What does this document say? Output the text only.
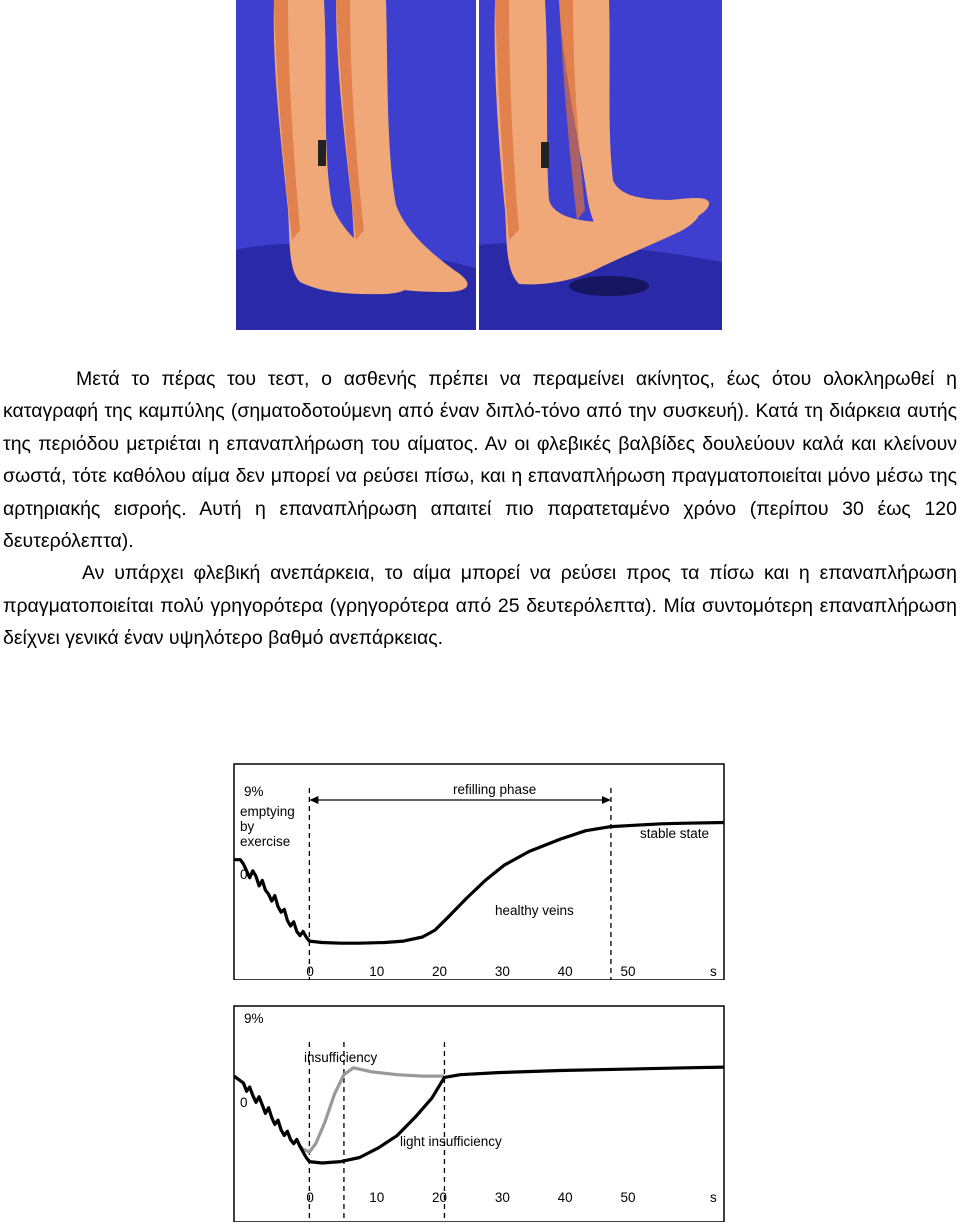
Μετά το πέρας του τεστ, ο ασθενής πρέπει να περαμείνει ακίνητος, έως ότου ολοκληρωθεί η καταγραφή της καμπύλης (σηματοδοτούμενη από έναν διπλό-τόνο από την συσκευή). Κατά τη διάρκεια αυτής της περιόδου μετριέται η επαναπλήρωση του αίματος. Αν οι φλεβικές βαλβίδες δουλεύουν καλά και κλείνουν σωστά, τότε καθόλου αίμα δεν μπορεί να ρεύσει πίσω, και η επαναπλήρωση πραγματοποιείται μόνο μέσω της αρτηριακής εισροής. Αυτή η επαναπλήρωση απαιτεί πιο παρατεταμένο χρόνο (περίπου 30 έως 120 δευτερόλεπτα).

Αν υπάρχει φλεβική ανεπάρκεια, το αίμα μπορεί να ρεύσει προς τα πίσω και η επαναπλήρωση πραγματοποιείται πολύ γρηγορότερα (γρηγορότερα από 25 δευτερόλεπτα). Μία συντομότερη επαναπλήρωση δείχνει γενικά έναν υψηλότερο βαθμό ανεπάρκειας.

refilling phase
stable state
9%
emptying
by
exercise
0
healthy veins
0	10	20	30	40	50	s
9%
insufficiency
0
light insufficiency
0	10	20	30	40	50	s
